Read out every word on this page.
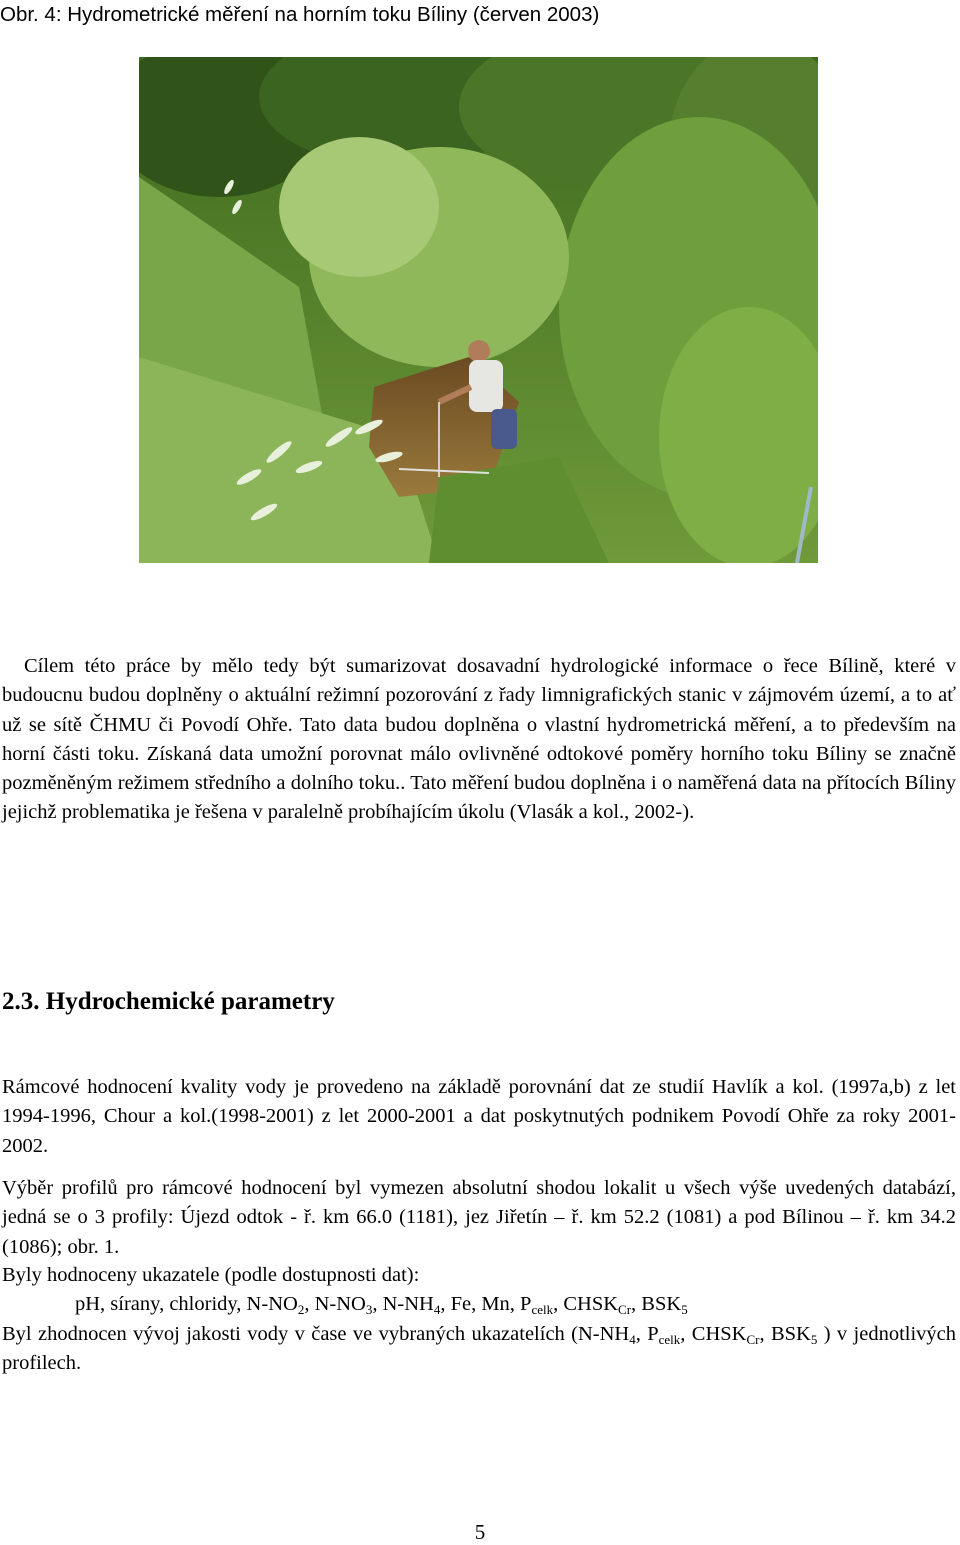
Obr. 4: Hydrometrické měření na horním toku Bíliny (červen 2003)
Cílem této práce by mělo tedy být sumarizovat dosavadní hydrologické informace o řece Bílině, které v budoucnu budou doplněny o aktuální režimní pozorování z řady limnigrafických stanic v zájmovém území, a to ať už se sítě ČHMU či Povodí Ohře. Tato data budou doplněna o vlastní hydrometrická měření, a to především na horní části toku. Získaná data umožní porovnat málo ovlivněné odtokové poměry horního toku Bíliny se značně pozměněným režimem středního a dolního toku.. Tato měření budou doplněna i o naměřená data na přítocích Bíliny jejichž problematika je řešena v paralelně probíhajícím úkolu (Vlasák a kol., 2002-).
2.3. Hydrochemické parametry
Rámcové hodnocení kvality vody je provedeno na základě porovnání dat ze studií Havlík a kol. (1997a,b) z let 1994-1996, Chour a kol.(1998-2001) z let 2000-2001 a dat poskytnutých podnikem Povodí Ohře za roky 2001-2002.
Výběr profilů pro rámcové hodnocení byl vymezen absolutní shodou lokalit u všech výše uvedených databází, jedná se o 3 profily: Újezd odtok - ř. km 66.0 (1181), jez Jiřetín – ř. km 52.2 (1081) a pod Bílinou – ř. km 34.2 (1086); obr. 1.
Byly hodnoceny ukazatele (podle dostupnosti dat):
pH, sírany, chloridy, $N-NO_2$, $N-NO_3$, $N-NH_4$, Fe, Mn, $P_{celk}$, $CHSK_{Cr}$, $BSK_5$
Byl zhodnocen vývoj jakosti vody v čase ve vybraných ukazatelích ($N-NH_4$, $P_{celk}$, $CHSK_{Cr}$, $BSK_5$ ) v jednotlivých profilech.
5
